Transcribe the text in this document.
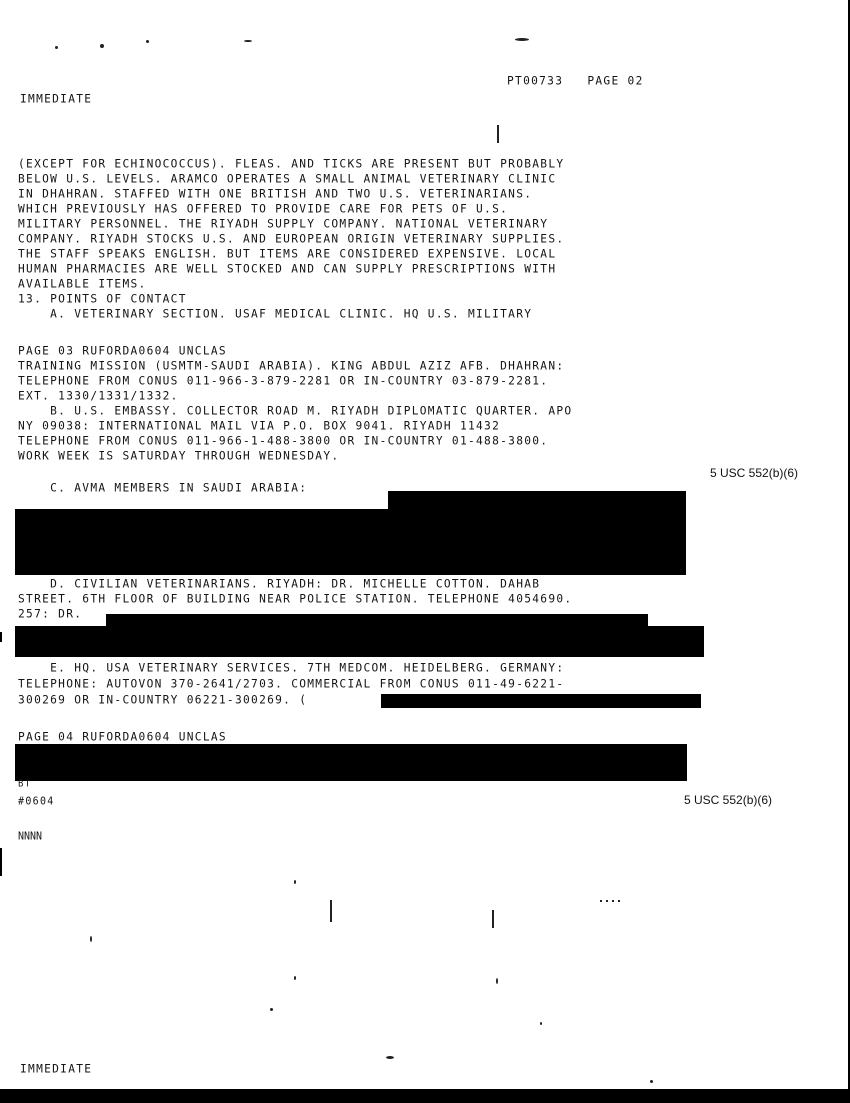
IMMEDIATE
PT00733   PAGE 02
(EXCEPT FOR ECHINOCOCCUS). FLEAS. AND TICKS ARE PRESENT BUT PROBABLY
BELOW U.S. LEVELS. ARAMCO OPERATES A SMALL ANIMAL VETERINARY CLINIC
IN DHAHRAN. STAFFED WITH ONE BRITISH AND TWO U.S. VETERINARIANS.
WHICH PREVIOUSLY HAS OFFERED TO PROVIDE CARE FOR PETS OF U.S.
MILITARY PERSONNEL. THE RIYADH SUPPLY COMPANY. NATIONAL VETERINARY
COMPANY. RIYADH STOCKS U.S. AND EUROPEAN ORIGIN VETERINARY SUPPLIES.
THE STAFF SPEAKS ENGLISH. BUT ITEMS ARE CONSIDERED EXPENSIVE. LOCAL
HUMAN PHARMACIES ARE WELL STOCKED AND CAN SUPPLY PRESCRIPTIONS WITH
AVAILABLE ITEMS.
13. POINTS OF CONTACT
A. VETERINARY SECTION. USAF MEDICAL CLINIC. HQ U.S. MILITARY
PAGE 03 RUFORDA0604 UNCLAS
TRAINING MISSION (USMTM-SAUDI ARABIA). KING ABDUL AZIZ AFB. DHAHRAN:
TELEPHONE FROM CONUS 011-966-3-879-2281 OR IN-COUNTRY 03-879-2281.
EXT. 1330/1331/1332.
B. U.S. EMBASSY. COLLECTOR ROAD M. RIYADH DIPLOMATIC QUARTER. APO
NY 09038: INTERNATIONAL MAIL VIA P.O. BOX 9041. RIYADH 11432
TELEPHONE FROM CONUS 011-966-1-488-3800 OR IN-COUNTRY 01-488-3800.
WORK WEEK IS SATURDAY THROUGH WEDNESDAY.
5 USC 552(b)(6)
C. AVMA MEMBERS IN SAUDI ARABIA:
D. CIVILIAN VETERINARIANS. RIYADH: DR. MICHELLE COTTON. DAHAB
STREET. 6TH FLOOR OF BUILDING NEAR POLICE STATION. TELEPHONE 4054690.
257: DR.
E. HQ. USA VETERINARY SERVICES. 7TH MEDCOM. HEIDELBERG. GERMANY:
TELEPHONE: AUTOVON 370-2641/2703. COMMERCIAL FROM CONUS 011-49-6221-
300269 OR IN-COUNTRY 06221-300269. (
PAGE 04 RUFORDA0604 UNCLAS
BT
#0604	5 USC 552(b)(6)
NNNN
IMMEDIATE
